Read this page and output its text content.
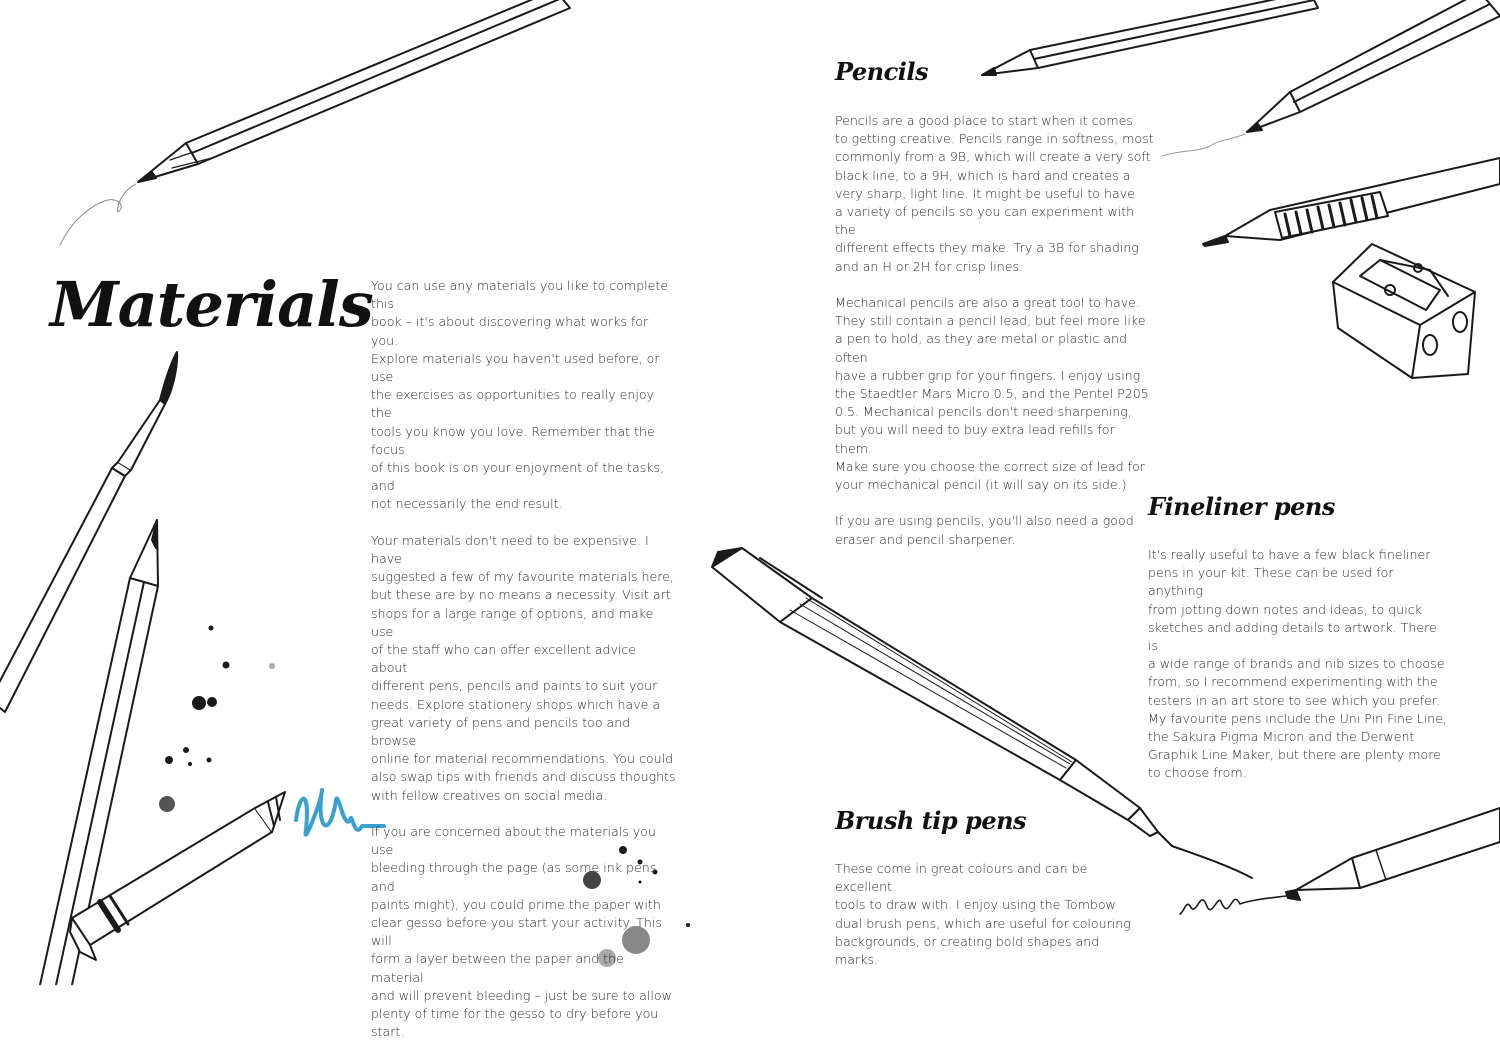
Materials

You can use any materials you like to complete this
book – it's about discovering what works for you.
Explore materials you haven't used before, or use
the exercises as opportunities to really enjoy the
tools you know you love. Remember that the focus
of this book is on your enjoyment of the tasks, and
not necessarily the end result.

Your materials don't need to be expensive. I have
suggested a few of my favourite materials here,
but these are by no means a necessity. Visit art
shops for a large range of options, and make use
of the staff who can offer excellent advice about
different pens, pencils and paints to suit your
needs. Explore stationery shops which have a
great variety of pens and pencils too and browse
online for material recommendations. You could
also swap tips with friends and discuss thoughts
with fellow creatives on social media.

If you are concerned about the materials you use
bleeding through the page (as some ink pens and
paints might), you could prime the paper with
clear gesso before you start your activity. This will
form a layer between the paper and the material
and will prevent bleeding – just be sure to allow
plenty of time for the gesso to dry before you start.

Pencils

Pencils are a good place to start when it comes
to getting creative. Pencils range in softness, most
commonly from a 9B, which will create a very soft
black line, to a 9H, which is hard and creates a
very sharp, light line. It might be useful to have
a variety of pencils so you can experiment with the
different effects they make. Try a 3B for shading
and an H or 2H for crisp lines.

Mechanical pencils are also a great tool to have.
They still contain a pencil lead, but feel more like
a pen to hold, as they are metal or plastic and often
have a rubber grip for your fingers. I enjoy using
the Staedtler Mars Micro 0.5, and the Pentel P205
0.5. Mechanical pencils don't need sharpening,
but you will need to buy extra lead refills for them.
Make sure you choose the correct size of lead for
your mechanical pencil (it will say on its side.)

If you are using pencils, you'll also need a good
eraser and pencil sharpener.

Fineliner pens

It's really useful to have a few black fineliner
pens in your kit. These can be used for anything
from jotting down notes and ideas, to quick
sketches and adding details to artwork. There is
a wide range of brands and nib sizes to choose
from, so I recommend experimenting with the
testers in an art store to see which you prefer.
My favourite pens include the Uni Pin Fine Line,
the Sakura Pigma Micron and the Derwent
Graphik Line Maker, but there are plenty more
to choose from.

Brush tip pens

These come in great colours and can be excellent
tools to draw with. I enjoy using the Tombow
dual brush pens, which are useful for colouring
backgrounds, or creating bold shapes and marks.
